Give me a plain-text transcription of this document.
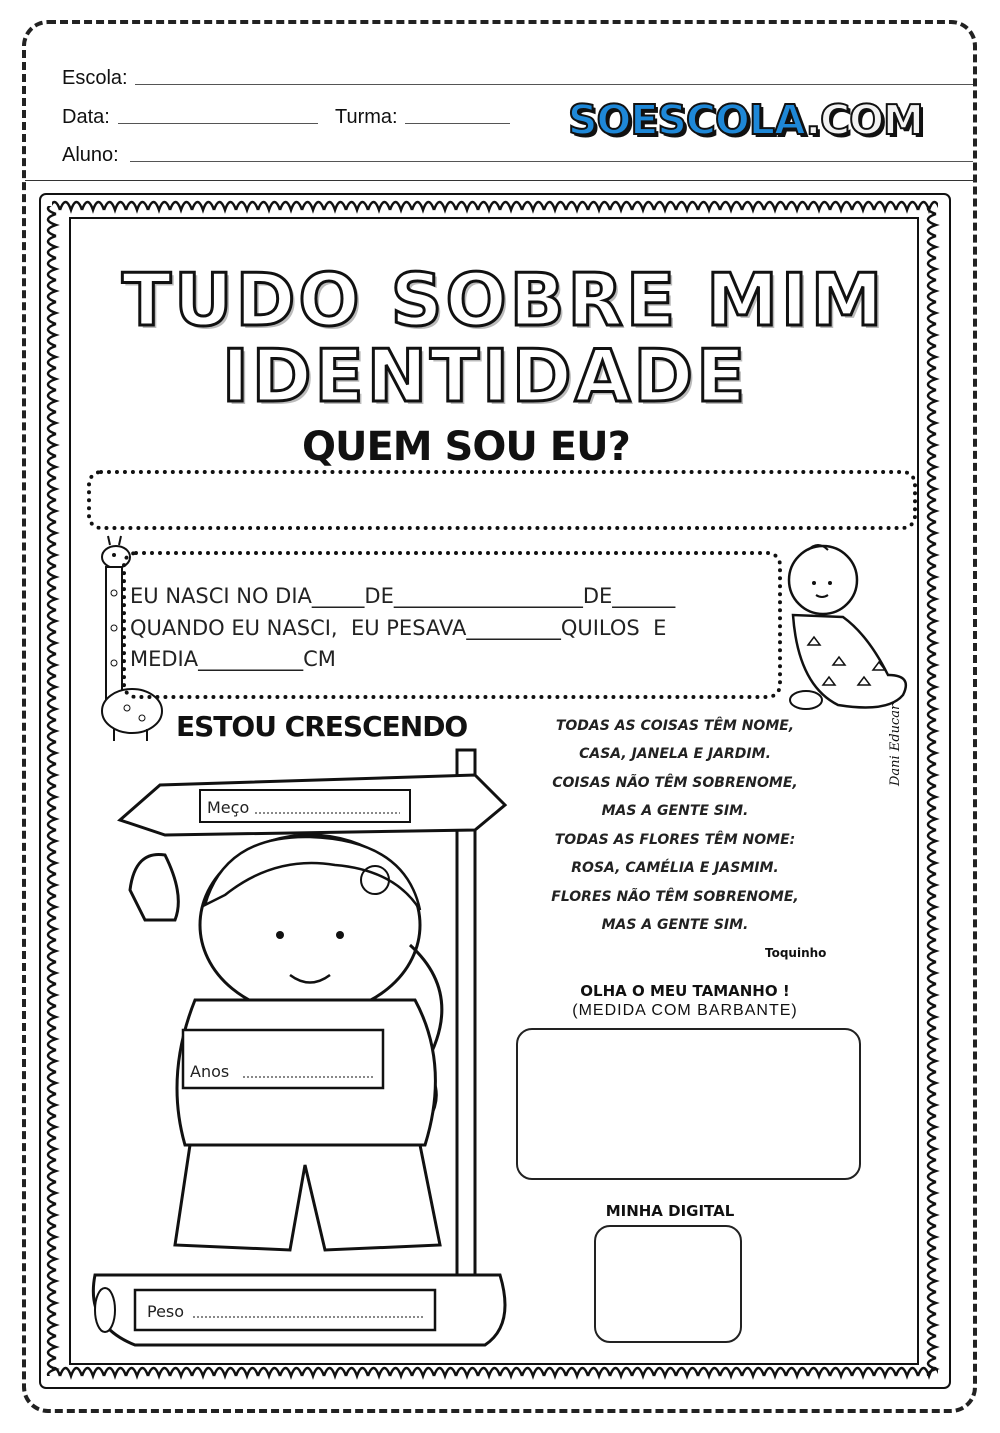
Escola:
Data:	Turma:	SOESCOLA.COM
Aluno:
TUDO SOBRE MIM
IDENTIDADE
QUEM SOU EU?
EU NASCI NO DIA_____DE__________________DE______
QUANDO EU NASCI,  EU PESAVA_________QUILOS  E
MEDIA__________CM
Dani Educar
ESTOU CRESCENDO
Meço
Anos
Peso
TODAS AS COISAS TÊM NOME,
CASA, JANELA E JARDIM.
COISAS NÃO TÊM SOBRENOME,
MAS A GENTE SIM.
TODAS AS FLORES TÊM NOME:
ROSA, CAMÉLIA E JASMIM.
FLORES NÃO TÊM SOBRENOME,
MAS A GENTE SIM.
Toquinho
OLHA O MEU TAMANHO !
(MEDIDA COM BARBANTE)
MINHA DIGITAL
